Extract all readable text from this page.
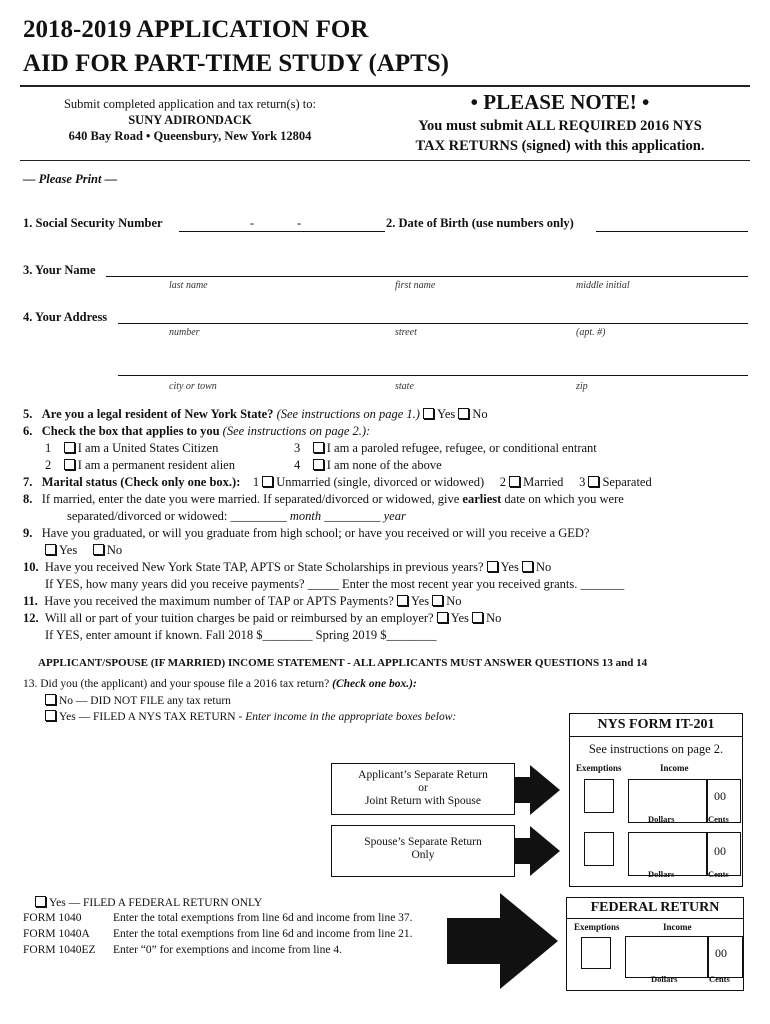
2018-2019 APPLICATION FOR
AID FOR PART-TIME STUDY (APTS)
Submit completed application and tax return(s) to:
SUNY ADIRONDACK
640 Bay Road • Queensbury, New York 12804
• PLEASE NOTE! •
You must submit ALL REQUIRED 2016 NYS
TAX RETURNS (signed) with this application.
— Please Print —
1. Social Security Number	-	-	2. Date of Birth (use numbers only)
3. Your Name
last name	first name	middle initial
4. Your Address
number	street	(apt. #)
city or town	state	zip
5. Are you a legal resident of New York State? (See instructions on page 1.) Yes No
6. Check the box that applies to you (See instructions on page 2.):
1 I am a United States Citizen
2 I am a permanent resident alien
3 I am a paroled refugee, refugee, or conditional entrant
4 I am none of the above
7. Marital status (Check only one box.): 1 Unmarried (single, divorced or widowed) 2 Married 3 Separated
8. If married, enter the date you were married. If separated/divorced or widowed, give earliest date on which you were
separated/divorced or widowed: _________ month _________ year
9. Have you graduated, or will you graduate from high school; or have you received or will you receive a GED?
Yes No
10. Have you received New York State TAP, APTS or State Scholarships in previous years? Yes No
If YES, how many years did you receive payments? _____ Enter the most recent year you received grants. _______
11. Have you received the maximum number of TAP or APTS Payments? Yes No
12. Will all or part of your tuition charges be paid or reimbursed by an employer? Yes No
If YES, enter amount if known. Fall 2018 $________ Spring 2019 $________
APPLICANT/SPOUSE (IF MARRIED) INCOME STATEMENT - ALL APPLICANTS MUST ANSWER QUESTIONS 13 and 14
13. Did you (the applicant) and your spouse file a 2016 tax return? (Check one box.):
No — DID NOT FILE any tax return
Yes — FILED A NYS TAX RETURN - Enter income in the appropriate boxes below:
Applicant’s Separate Return
or
Joint Return with Spouse
Spouse’s Separate Return
Only
NYS FORM IT-201
See instructions on page 2.
Exemptions	Income
00
Dollars	Cents
00
Dollars	Cents
Yes — FILED A FEDERAL RETURN ONLY
FORM 1040	Enter the total exemptions from line 6d and income from line 37.
FORM 1040A Enter the total exemptions from line 6d and income from line 21.
FORM 1040EZ Enter “0” for exemptions and income from line 4.
FEDERAL RETURN
Exemptions	Income
00
Dollars	Cents
